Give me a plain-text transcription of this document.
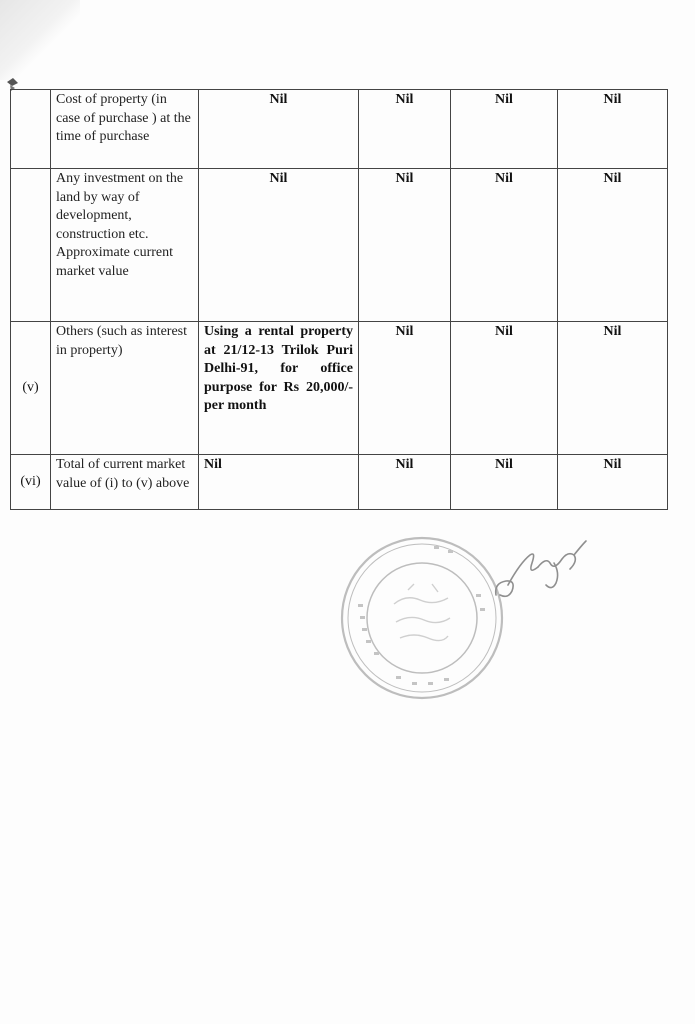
	Cost of property (in case of purchase ) at the time of purchase	Nil	Nil	Nil	Nil
	Any investment on the land by way of development, construction etc. Approximate current market value	Nil	Nil	Nil	Nil
(v)	Others (such as interest in property)	Using a rental property at 21/12-13 Trilok Puri Delhi-91, for office purpose for Rs 20,000/- per month	Nil	Nil	Nil
(vi)	Total of current market value of (i) to (v) above	Nil	Nil	Nil	Nil
